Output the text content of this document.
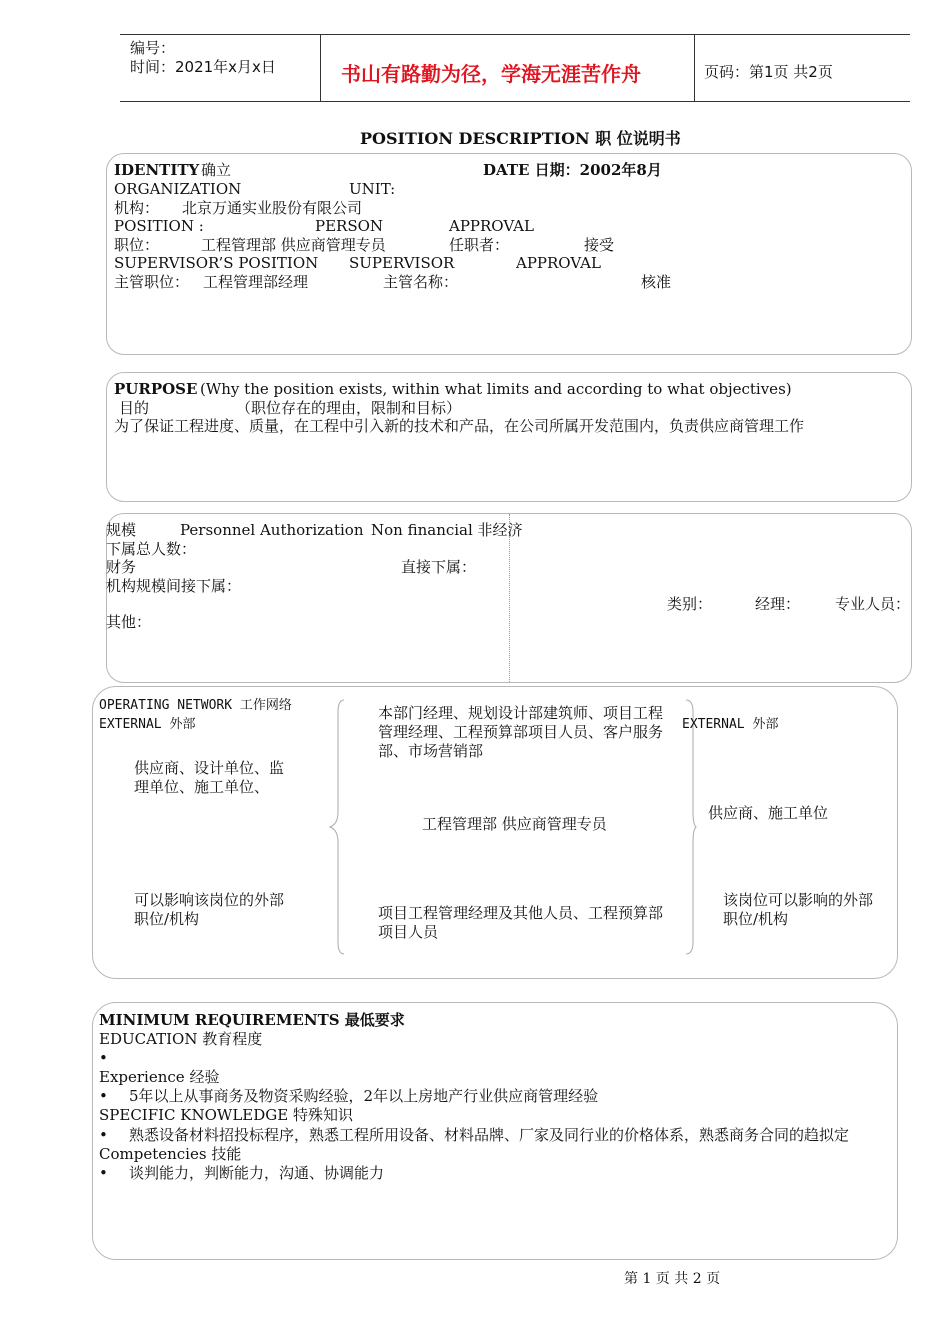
编号：
时间：2021年x月x日	书山有路勤为径，学海无涯苦作舟	页码：第1页 共2页
POSITION DESCRIPTION 职 位说明书
IDENTITY 确立	DATE 日期：2002年8月
ORGANIZATION	UNIT:
机构： 北京万通实业股份有限公司
POSITION :	PERSON	APPROVAL
职位：	工程管理部 供应商管理专员	任职者：	接受
SUPERVISOR’S POSITION SUPERVISOR	APPROVAL
主管职位： 工程管理部经理	主管名称：	核准
PURPOSE (Why the position exists, within what limits and according to what objectives)
目的	（职位存在的理由，限制和目标）
为了保证工程进度、质量，在工程中引入新的技术和产品，在公司所属开发范围内，负责供应商管理工作
规模	Personnel Authorization Non financial 非经济
下属总人数：
财务	直接下属：
机构规模间接下属：
类别：	经理： 专业人员：
其他：
OPERATING NETWORK 工作网络
EXTERNAL 外部
供应商、设计单位、监理单位、施工单位、
可以影响该岗位的外部职位/机构
本部门经理、规划设计部建筑师、项目工程管理经理、工程预算部项目人员、客户服务部、市场营销部
工程管理部 供应商管理专员
项目工程管理经理及其他人员、工程预算部项目人员
EXTERNAL 外部
供应商、施工单位
该岗位可以影响的外部职位/机构
MINIMUM REQUIREMENTS 最低要求
EDUCATION 教育程度
•
Experience 经验
• 5年以上从事商务及物资采购经验，2年以上房地产行业供应商管理经验
SPECIFIC KNOWLEDGE 特殊知识
• 熟悉设备材料招投标程序，熟悉工程所用设备、材料品牌、厂家及同行业的价格体系，熟悉商务合同的趋拟定
Competencies 技能
• 谈判能力，判断能力，沟通、协调能力
第 1 页 共 2 页
